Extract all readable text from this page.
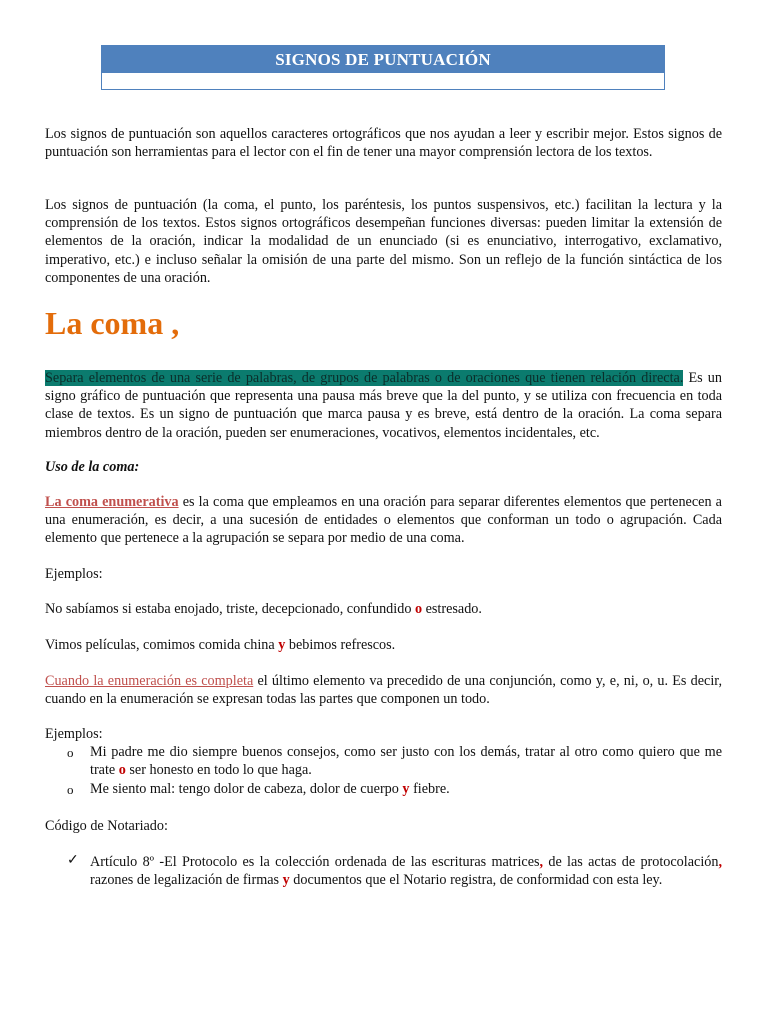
SIGNOS DE PUNTUACIÓN
Los signos de puntuación son aquellos caracteres ortográficos que nos ayudan a leer y escribir mejor. Estos signos de puntuación son herramientas para el lector con el fin de tener una mayor comprensión lectora de los textos.
Los signos de puntuación (la coma, el punto, los paréntesis, los puntos suspensivos, etc.) facilitan la lectura y la comprensión de los textos. Estos signos ortográficos desempeñan funciones diversas: pueden limitar la extensión de elementos de la oración, indicar la modalidad de un enunciado (si es enunciativo, interrogativo, exclamativo, imperativo, etc.) e incluso señalar la omisión de una parte del mismo. Son un reflejo de la función sintáctica de los componentes de una oración.
La coma ,
Separa elementos de una serie de palabras, de grupos de palabras o de oraciones que tienen relación directa. Es un signo gráfico de puntuación que representa una pausa más breve que la del punto, y se utiliza con frecuencia en toda clase de textos. Es un signo de puntuación que marca pausa y es breve, está dentro de la oración. La coma separa miembros dentro de la oración, pueden ser enumeraciones, vocativos, elementos incidentales, etc.
Uso de la coma:
La coma enumerativa es la coma que empleamos en una oración para separar diferentes elementos que pertenecen a una enumeración, es decir, a una sucesión de entidades o elementos que conforman un todo o agrupación. Cada elemento que pertenece a la agrupación se separa por medio de una coma.
Ejemplos:
No sabíamos si estaba enojado, triste, decepcionado, confundido o estresado.
Vimos películas, comimos comida china y bebimos refrescos.
Cuando la enumeración es completa el último elemento va precedido de una conjunción, como y, e, ni, o, u. Es decir, cuando en la enumeración se expresan todas las partes que componen un todo.
Ejemplos:
o Mi padre me dio siempre buenos consejos, como ser justo con los demás, tratar al otro como quiero que me trate o ser honesto en todo lo que haga.
o Me siento mal: tengo dolor de cabeza, dolor de cuerpo y fiebre.
Código de Notariado:
✓ Artículo 8º -El Protocolo es la colección ordenada de las escrituras matrices, de las actas de protocolación, razones de legalización de firmas y documentos que el Notario registra, de conformidad con esta ley.
